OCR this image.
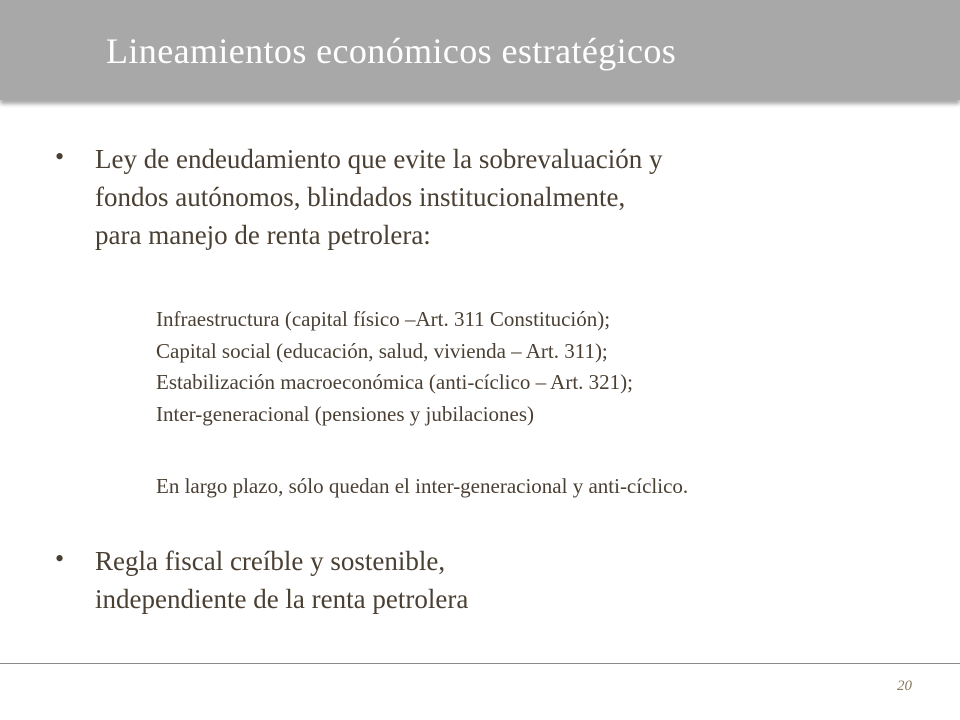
Lineamientos económicos estratégicos
• Ley de endeudamiento que evite la sobrevaluación y
fondos autónomos, blindados institucionalmente,
para manejo de renta petrolera:
Infraestructura (capital físico –Art. 311 Constitución);
Capital social (educación, salud, vivienda – Art. 311);
Estabilización macroeconómica (anti-cíclico – Art. 321);
Inter-generacional (pensiones y jubilaciones)
En largo plazo, sólo quedan el inter-generacional y anti-cíclico.
• Regla fiscal creíble y sostenible,
independiente de la renta petrolera
20
